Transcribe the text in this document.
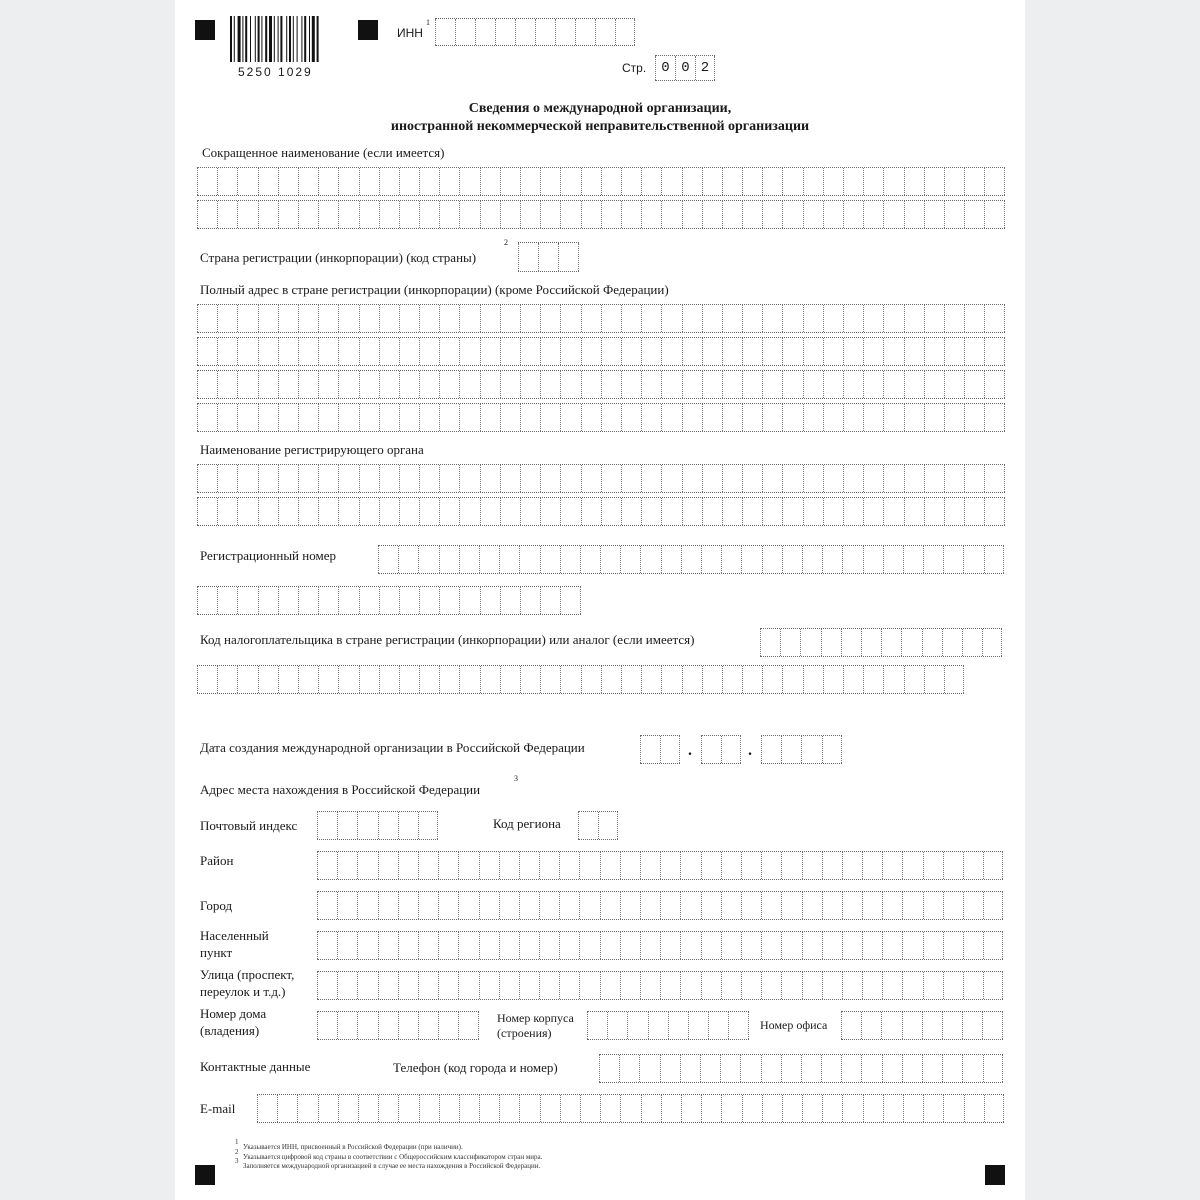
5250 1029
ИНН
1
Стр.	0 0 2
Сведения о международной организации,
иностранной некоммерческой неправительственной организации
Сокращенное наименование (если имеется)
Страна регистрации (инкорпорации) (код страны)
2
Полный адрес в стране регистрации (инкорпорации) (кроме Российской Федерации)
Наименование регистрирующего органа
Регистрационный номер
Код налогоплательщика в стране регистрации (инкорпорации) или аналог (если имеется)
Дата создания международной организации в Российской Федерации	.	.
Адрес места нахождения в Российской Федерации
3
Почтовый индекс	Код региона
Район
Город
Населенный
пункт
Улица (проспект,
переулок и т.д.)
Номер дома
(владения)
Номер корпуса
(строения)
Номер офиса
Контактные данные	Телефон (код города и номер)
E-mail
1
Указывается ИНН, присвоенный в Российской Федерации (при наличии).
2
Указывается цифровой код страны в соответствии с Общероссийским классификатором стран мира.
3
Заполняется международной организацией в случае ее места нахождения в Российской Федерации.
